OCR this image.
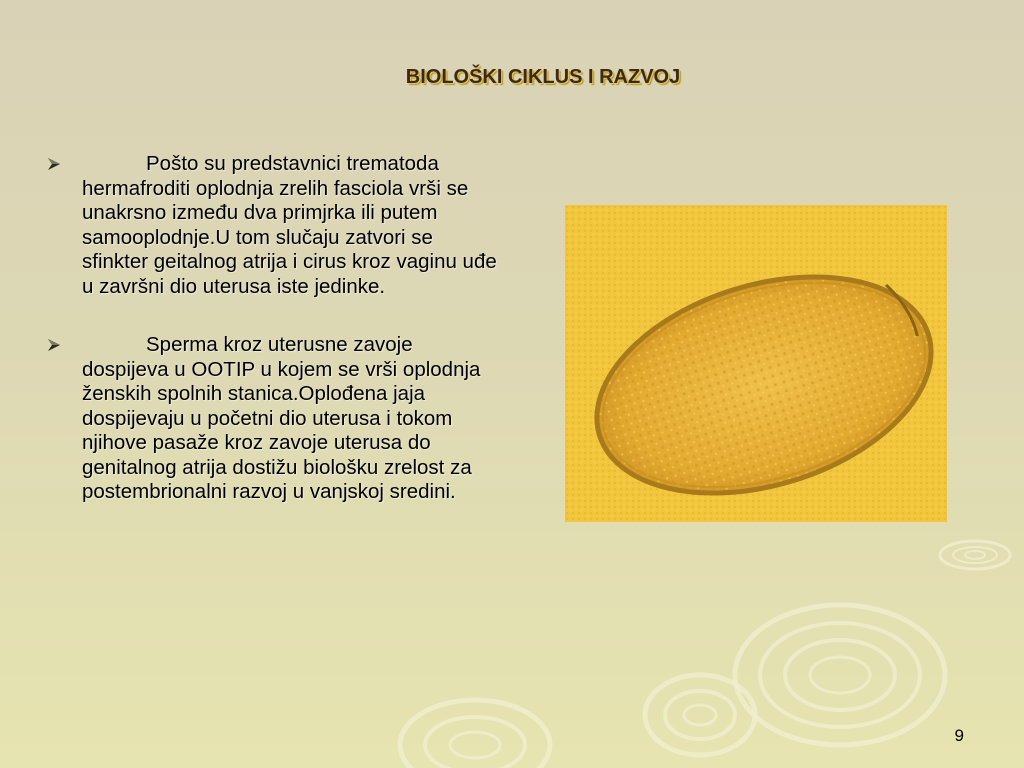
BIOLOŠKI CIKLUS I RAZVOJ
Pošto su predstavnici trematoda hermafroditi oplodnja zrelih fasciola vrši se unakrsno između dva primjrka ili putem samooplodnje.U tom slučaju zatvori se sfinkter geitalnog atrija i cirus kroz vaginu uđe u završni dio uterusa iste jedinke.
Sperma kroz uterusne zavoje dospijeva u OOTIP u kojem se vrši oplodnja ženskih spolnih stanica.Oplođena jaja dospijevaju u početni dio uterusa i tokom njihove pasaže kroz zavoje uterusa do genitalnog atrija dostižu biološku zrelost za postembrionalni razvoj u vanjskoj sredini.
9
